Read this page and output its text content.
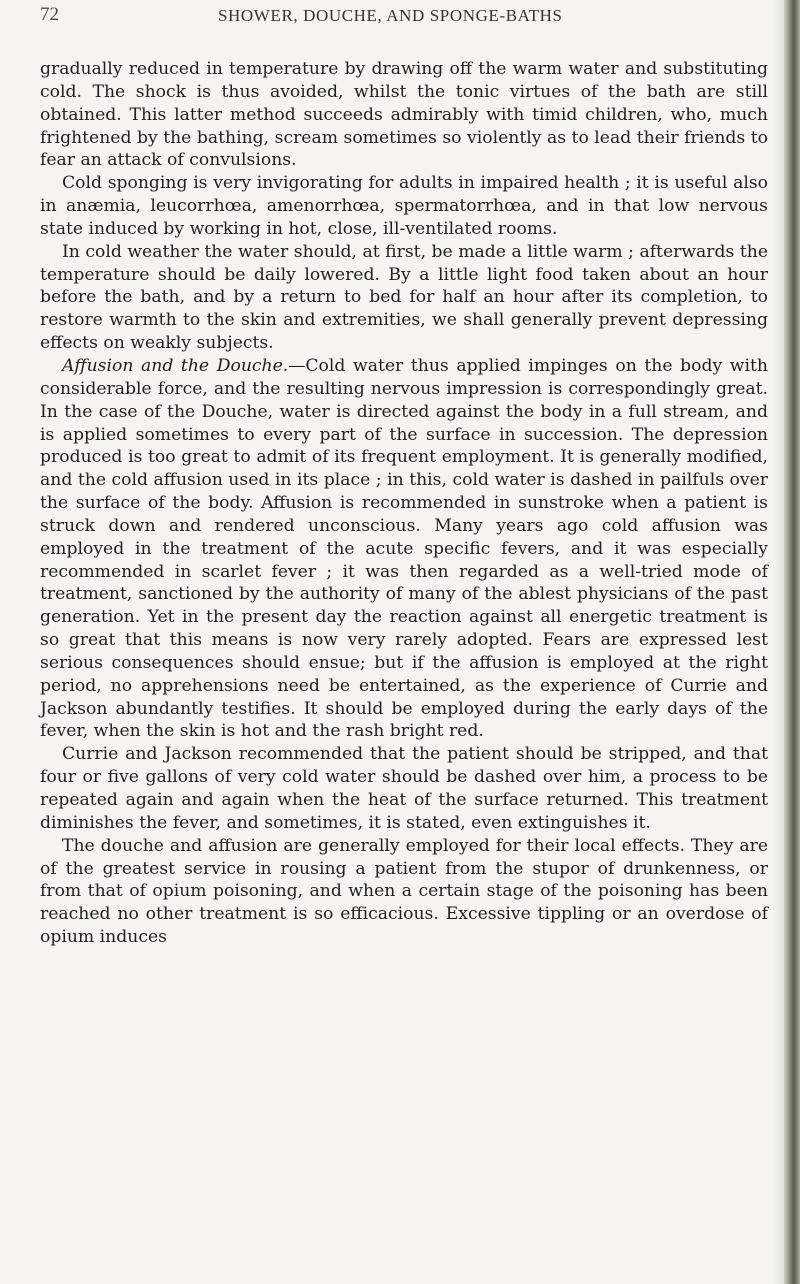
72	SHOWER, DOUCHE, AND SPONGE-BATHS

gradually reduced in temperature by drawing off the warm water and substituting cold. The shock is thus avoided, whilst the tonic virtues of the bath are still obtained. This latter method succeeds admirably with timid children, who, much frightened by the bathing, scream sometimes so violently as to lead their friends to fear an attack of convulsions.

Cold sponging is very invigorating for adults in impaired health ; it is useful also in anæmia, leucorrhœa, amenorrhœa, spermatorrhœa, and in that low nervous state induced by working in hot, close, ill-ventilated rooms.

In cold weather the water should, at first, be made a little warm ; afterwards the temperature should be daily lowered. By a little light food taken about an hour before the bath, and by a return to bed for half an hour after its completion, to restore warmth to the skin and extremities, we shall generally prevent depressing effects on weakly subjects.

Affusion and the Douche.—Cold water thus applied impinges on the body with considerable force, and the resulting nervous impression is correspondingly great. In the case of the Douche, water is directed against the body in a full stream, and is applied sometimes to every part of the surface in succession. The depression produced is too great to admit of its frequent employment. It is generally modified, and the cold affusion used in its place ; in this, cold water is dashed in pailfuls over the surface of the body. Affusion is recommended in sunstroke when a patient is struck down and rendered unconscious. Many years ago cold affusion was employed in the treatment of the acute specific fevers, and it was especially recommended in scarlet fever ; it was then regarded as a well-tried mode of treatment, sanctioned by the authority of many of the ablest physicians of the past generation. Yet in the present day the reaction against all energetic treatment is so great that this means is now very rarely adopted. Fears are expressed lest serious consequences should ensue; but if the affusion is employed at the right period, no apprehensions need be entertained, as the experience of Currie and Jackson abundantly testifies. It should be employed during the early days of the fever, when the skin is hot and the rash bright red.

Currie and Jackson recommended that the patient should be stripped, and that four or five gallons of very cold water should be dashed over him, a process to be repeated again and again when the heat of the surface returned. This treatment diminishes the fever, and sometimes, it is stated, even extinguishes it.

The douche and affusion are generally employed for their local effects. They are of the greatest service in rousing a patient from the stupor of drunkenness, or from that of opium poisoning, and when a certain stage of the poisoning has been reached no other treatment is so efficacious. Excessive tippling or an overdose of opium induces
